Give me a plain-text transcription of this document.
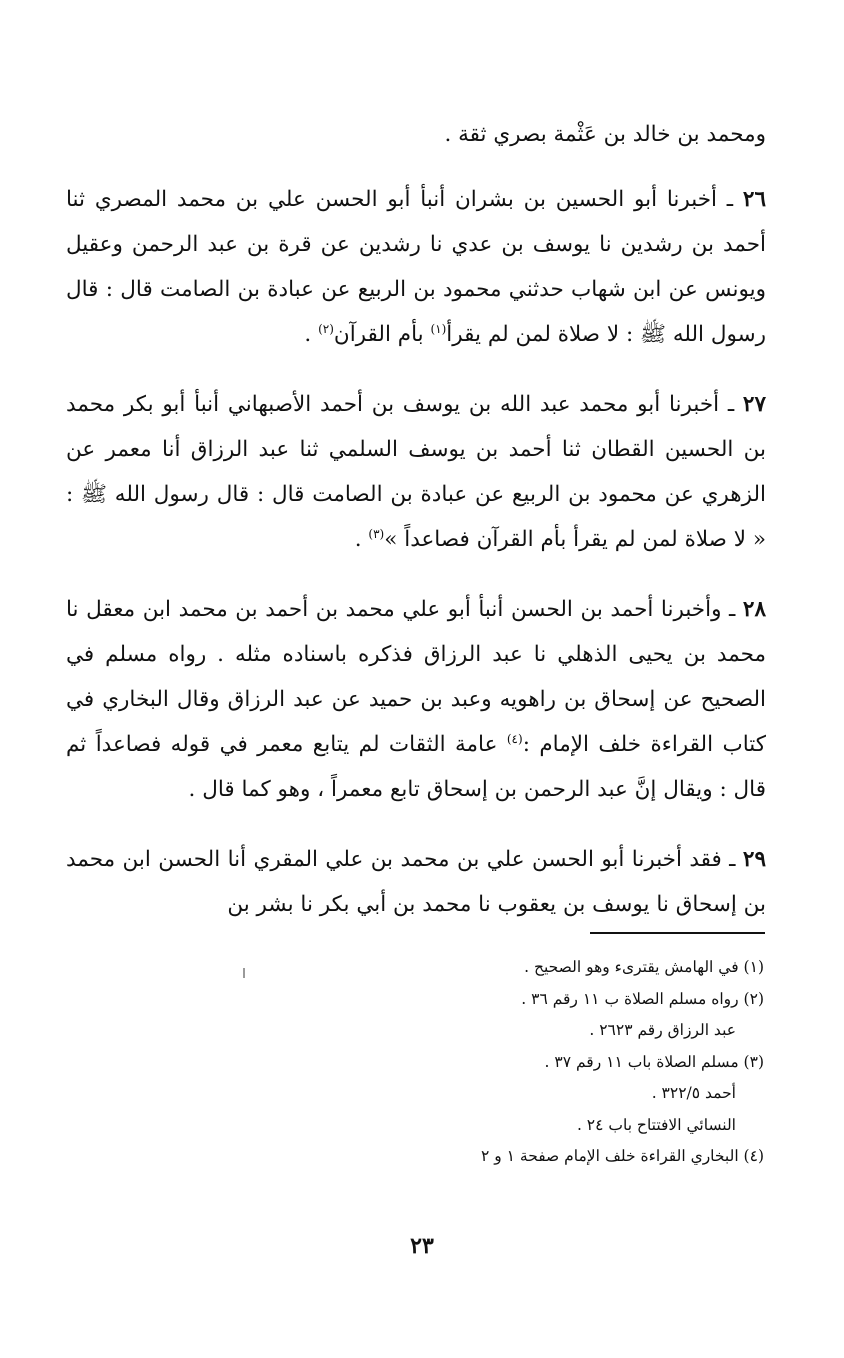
ومحمد بن خالد بن عَثْمة بصري ثقة .

٢٦ ـ أخبرنا أبو الحسين بن بشران أنبأ أبو الحسن علي بن محمد المصري ثنا أحمد بن رشدين نا يوسف بن عدي نا رشدين عن قرة بن عبد الرحمن وعقيل ويونس عن ابن شهاب حدثني محمود بن الربيع عن عبادة بن الصامت قال : قال رسول الله ﷺ : لا صلاة لمن لم يقرأ$^{(١)}$ بأم القرآن$^{(٢)}$ .

٢٧ ـ أخبرنا أبو محمد عبد الله بن يوسف بن أحمد الأصبهاني أنبأ أبو بكر محمد بن الحسين القطان ثنا أحمد بن يوسف السلمي ثنا عبد الرزاق أنا معمر عن الزهري عن محمود بن الربيع عن عبادة بن الصامت قال : قال رسول الله ﷺ : « لا صلاة لمن لم يقرأ بأم القرآن فصاعداً »$^{(٣)}$ .

٢٨ ـ وأخبرنا أحمد بن الحسن أنبأ أبو علي محمد بن أحمد بن محمد ابن معقل نا محمد بن يحيى الذهلي نا عبد الرزاق فذكره باسناده مثله . رواه مسلم في الصحيح عن إسحاق بن راهويه وعبد بن حميد عن عبد الرزاق وقال البخاري في كتاب القراءة خلف الإمام :$^{(٤)}$ عامة الثقات لم يتابع معمر في قوله فصاعداً ثم قال : ويقال إنَّ عبد الرحمن بن إسحاق تابع معمراً ، وهو كما قال .

٢٩ ـ فقد أخبرنا أبو الحسن علي بن محمد بن علي المقري أنا الحسن ابن محمد بن إسحاق نا يوسف بن يعقوب نا محمد بن أبي بكر نا بشر بن

(١) في الهامش يقترىء وهو الصحيح .
(٢) رواه مسلم الصلاة ب ١١ رقم ٣٦ .
عبد الرزاق رقم ٢٦٢٣ .
(٣) مسلم الصلاة باب ١١ رقم ٣٧ .
أحمد ٣٢٢/٥ .
النسائي الافتتاح باب ٢٤ .
(٤) البخاري القراءة خلف الإمام صفحة ١ و ٢
٢٣
